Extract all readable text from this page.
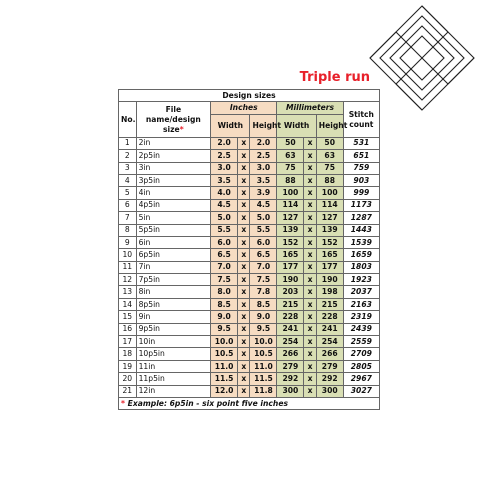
Triple run
Design sizes								
No.	File name/design size*	Inches			Millimeters			Stitch count
		Width		Height	Width		Height	
1	2in	2.0	x	2.0	50	x	50	531
2	2p5in	2.5	x	2.5	63	x	63	651
3	3in	3.0	x	3.0	75	x	75	759
4	3p5in	3.5	x	3.5	88	x	88	903
5	4in	4.0	x	3.9	100	x	100	999
6	4p5in	4.5	x	4.5	114	x	114	1173
7	5in	5.0	x	5.0	127	x	127	1287
8	5p5in	5.5	x	5.5	139	x	139	1443
9	6in	6.0	x	6.0	152	x	152	1539
10	6p5in	6.5	x	6.5	165	x	165	1659
11	7in	7.0	x	7.0	177	x	177	1803
12	7p5in	7.5	x	7.5	190	x	190	1923
13	8in	8.0	x	7.8	203	x	198	2037
14	8p5in	8.5	x	8.5	215	x	215	2163
15	9in	9.0	x	9.0	228	x	228	2319
16	9p5in	9.5	x	9.5	241	x	241	2439
17	10in	10.0	x	10.0	254	x	254	2559
18	10p5in	10.5	x	10.5	266	x	266	2709
19	11in	11.0	x	11.0	279	x	279	2805
20	11p5in	11.5	x	11.5	292	x	292	2967
21	12in	12.0	x	11.8	300	x	300	3027
* Example: 6p5in - six point five inches								
